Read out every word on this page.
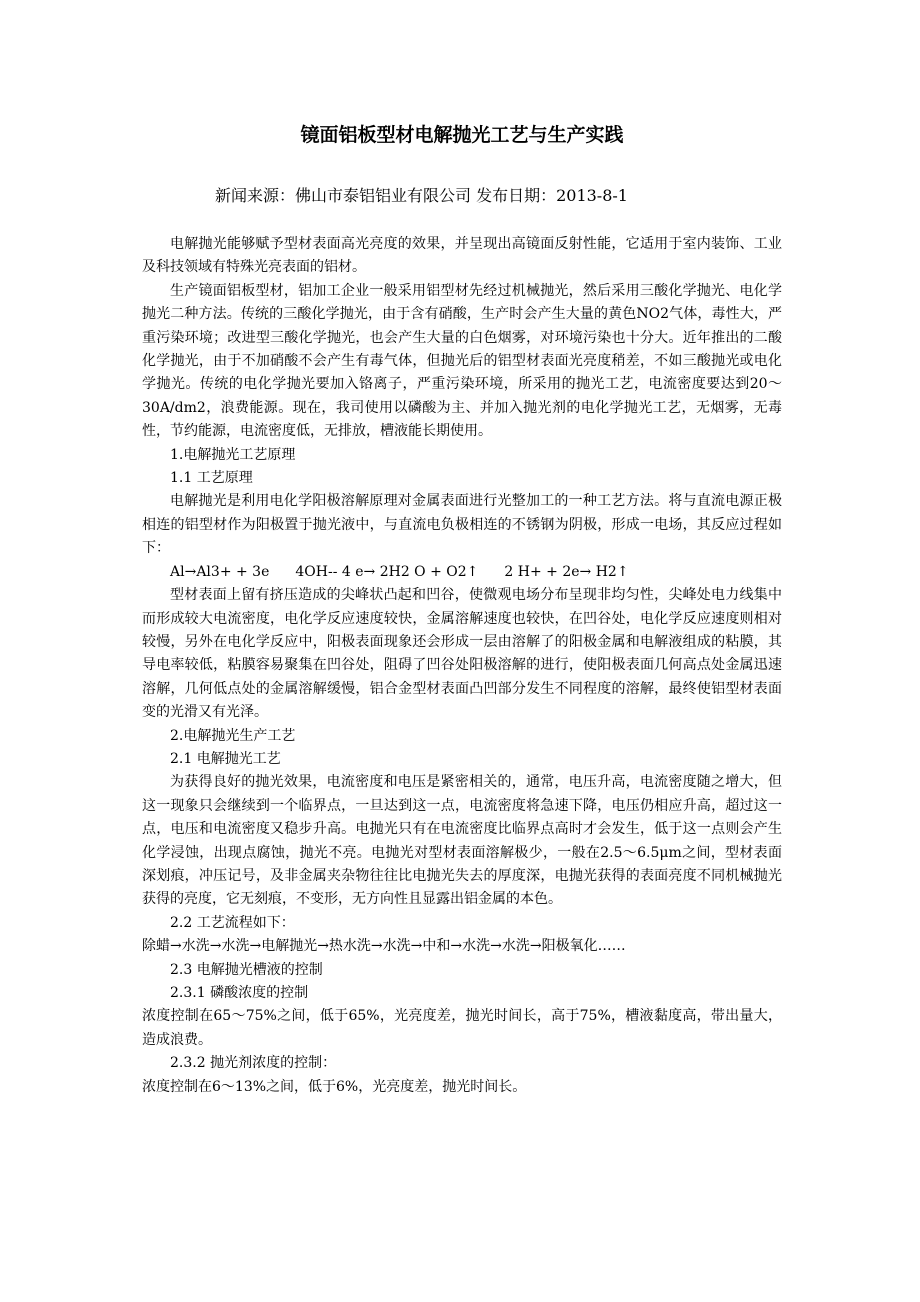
镜面铝板型材电解抛光工艺与生产实践

新闻来源：佛山市泰铝铝业有限公司 发布日期：2013-8-1

电解抛光能够赋予型材表面高光亮度的效果，并呈现出高镜面反射性能，它适用于室内装饰、工业及科技领域有特殊光亮表面的铝材。

生产镜面铝板型材，铝加工企业一般采用铝型材先经过机械抛光，然后采用三酸化学抛光、电化学抛光二种方法。传统的三酸化学抛光，由于含有硝酸，生产时会产生大量的黄色NO2气体，毒性大，严重污染环境；改进型三酸化学抛光，也会产生大量的白色烟雾，对环境污染也十分大。近年推出的二酸化学抛光，由于不加硝酸不会产生有毒气体，但抛光后的铝型材表面光亮度稍差，不如三酸抛光或电化学抛光。传统的电化学抛光要加入铬离子，严重污染环境，所采用的抛光工艺，电流密度要达到20～30A/dm2，浪费能源。现在，我司使用以磷酸为主、并加入抛光剂的电化学抛光工艺，无烟雾，无毒性，节约能源，电流密度低，无排放，槽液能长期使用。

1.电解抛光工艺原理

1.1 工艺原理

电解抛光是利用电化学阳极溶解原理对金属表面进行光整加工的一种工艺方法。将与直流电源正极相连的铝型材作为阳极置于抛光液中，与直流电负极相连的不锈钢为阴极，形成一电场，其反应过程如下：

Al→Al3+ + 3e 4OH-- 4 e→ 2H2 O + O2↑ 2 H+ + 2e→ H2↑

型材表面上留有挤压造成的尖峰状凸起和凹谷，使微观电场分布呈现非均匀性，尖峰处电力线集中而形成较大电流密度，电化学反应速度较快，金属溶解速度也较快，在凹谷处，电化学反应速度则相对较慢，另外在电化学反应中，阳极表面现象还会形成一层由溶解了的阳极金属和电解液组成的粘膜，其导电率较低，粘膜容易聚集在凹谷处，阻碍了凹谷处阳极溶解的进行，使阳极表面几何高点处金属迅速溶解，几何低点处的金属溶解缓慢，铝合金型材表面凸凹部分发生不同程度的溶解，最终使铝型材表面变的光滑又有光泽。

2.电解抛光生产工艺

2.1 电解抛光工艺

为获得良好的抛光效果，电流密度和电压是紧密相关的，通常，电压升高，电流密度随之增大，但这一现象只会继续到一个临界点，一旦达到这一点，电流密度将急速下降，电压仍相应升高，超过这一点，电压和电流密度又稳步升高。电抛光只有在电流密度比临界点高时才会发生，低于这一点则会产生化学浸蚀，出现点腐蚀，抛光不亮。电抛光对型材表面溶解极少，一般在2.5～6.5μm之间，型材表面深划痕，冲压记号，及非金属夹杂物往往比电抛光失去的厚度深，电抛光获得的表面亮度不同机械抛光获得的亮度，它无刻痕，不变形，无方向性且显露出铝金属的本色。

2.2 工艺流程如下：

除蜡→水洗→水洗→电解抛光→热水洗→水洗→中和→水洗→水洗→阳极氧化……

2.3 电解抛光槽液的控制

2.3.1 磷酸浓度的控制

浓度控制在65～75%之间，低于65%，光亮度差，抛光时间长，高于75%，槽液黏度高，带出量大，造成浪费。

2.3.2 抛光剂浓度的控制：

浓度控制在6～13%之间，低于6%，光亮度差，抛光时间长。
